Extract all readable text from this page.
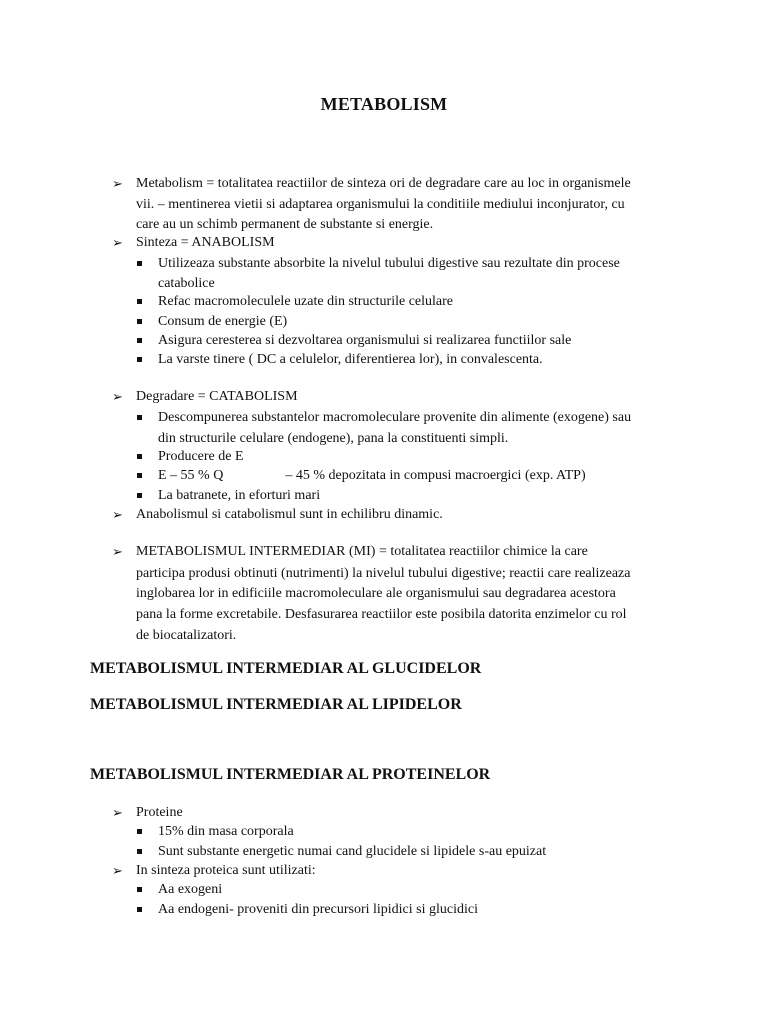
METABOLISM
➢ Metabolism = totalitatea reactiilor de sinteza ori de degradare care au loc in organismele
vii. – mentinerea vietii si adaptarea organismului la conditiile mediului inconjurator, cu
care au un schimb permanent de substante si energie.
➢ Sinteza = ANABOLISM
Utilizeaza substante absorbite la nivelul tubului digestive sau rezultate din procese
catabolice
Refac macromoleculele uzate din structurile celulare
Consum de energie (E)
Asigura ceresterea si dezvoltarea organismului si realizarea functiilor sale
La varste tinere ( DC a celulelor, diferentierea lor), in convalescenta.
➢ Degradare = CATABOLISM
Descompunerea substantelor macromoleculare provenite din alimente (exogene) sau
din structurile celulare (endogene), pana la constituenti simpli.
Producere de E
E – 55 % Q	– 45 % depozitata in compusi macroergici (exp. ATP)
La batranete, in eforturi mari
➢ Anabolismul si catabolismul sunt in echilibru dinamic.
➢ METABOLISMUL INTERMEDIAR (MI) = totalitatea reactiilor chimice la care
participa produsi obtinuti (nutrimenti) la nivelul tubului digestive; reactii care realizeaza
inglobarea lor in edificiile macromoleculare ale organismului sau degradarea acestora
pana la forme excretabile. Desfasurarea reactiilor este posibila datorita enzimelor cu rol
de biocatalizatori.
METABOLISMUL INTERMEDIAR AL GLUCIDELOR
METABOLISMUL INTERMEDIAR AL LIPIDELOR
METABOLISMUL INTERMEDIAR AL PROTEINELOR
➢ Proteine
15% din masa corporala
Sunt substante energetic numai cand glucidele si lipidele s-au epuizat
➢ In sinteza proteica sunt utilizati:
Aa exogeni
Aa endogeni- proveniti din precursori lipidici si glucidici
